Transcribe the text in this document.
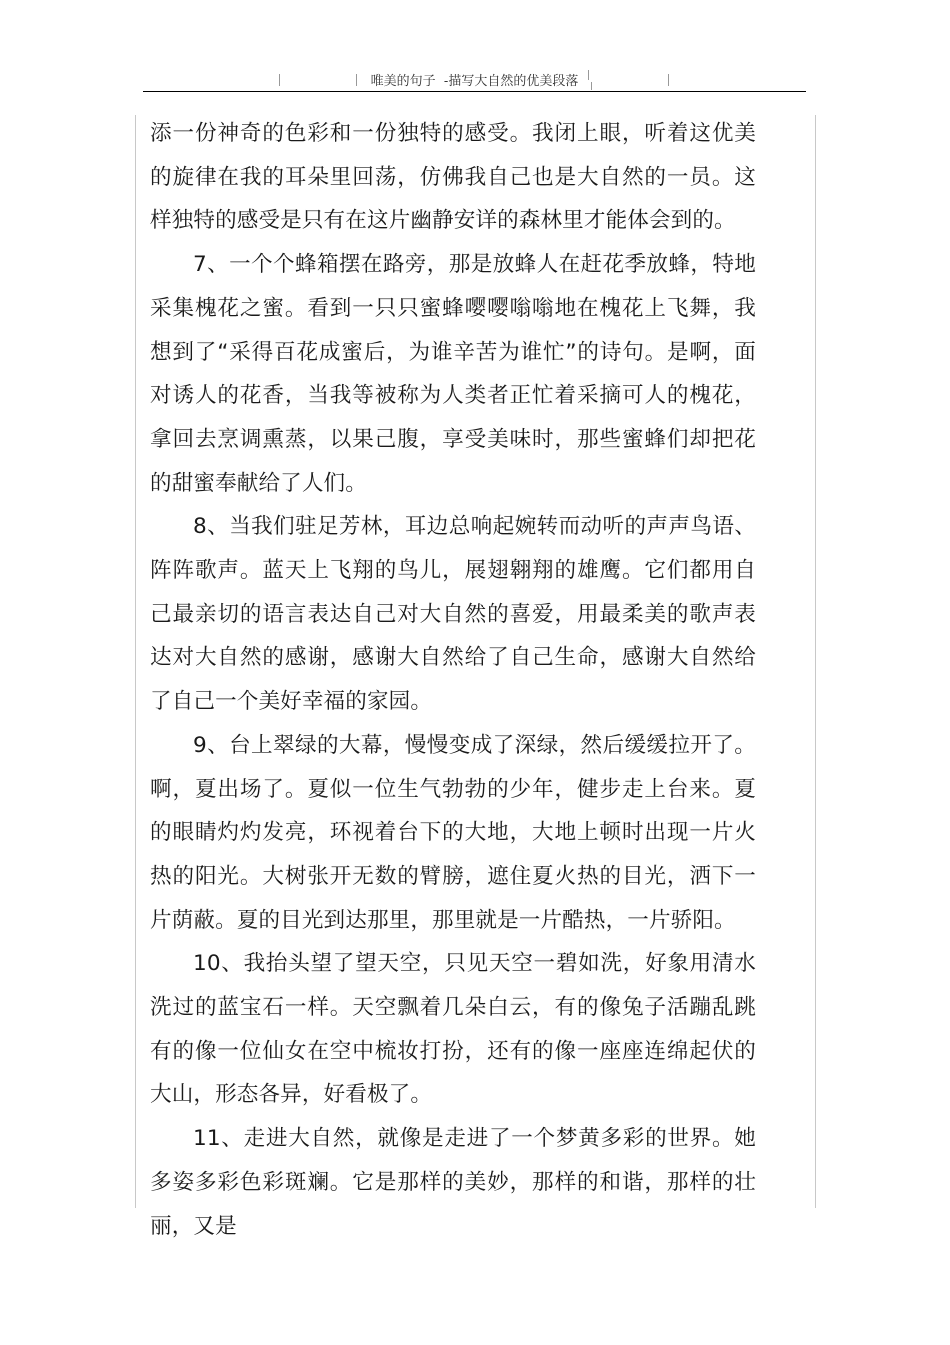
唯美的句子  -描写大自然的优美段落

添一份神奇的色彩和一份独特的感受。我闭上眼，听着这优美的旋律在我的耳朵里回荡，仿佛我自己也是大自然的一员。这样独特的感受是只有在这片幽静安详的森林里才能体会到的。

7、一个个蜂箱摆在路旁，那是放蜂人在赶花季放蜂，特地采集槐花之蜜。看到一只只蜜蜂嘤嘤嗡嗡地在槐花上飞舞，我想到了“采得百花成蜜后，为谁辛苦为谁忙”的诗句。是啊，面对诱人的花香，当我等被称为人类者正忙着采摘可人的槐花，拿回去烹调熏蒸，以果己腹，享受美味时，那些蜜蜂们却把花的甜蜜奉献给了人们。

8、当我们驻足芳林，耳边总响起婉转而动听的声声鸟语、阵阵歌声。蓝天上飞翔的鸟儿，展翅翱翔的雄鹰。它们都用自己最亲切的语言表达自己对大自然的喜爱，用最柔美的歌声表达对大自然的感谢，感谢大自然给了自己生命，感谢大自然给了自己一个美好幸福的家园。

9、台上翠绿的大幕，慢慢变成了深绿，然后缓缓拉开了。啊，夏出场了。夏似一位生气勃勃的少年，健步走上台来。夏的眼睛灼灼发亮，环视着台下的大地，大地上顿时出现一片火热的阳光。大树张开无数的臂膀，遮住夏火热的目光，洒下一片荫蔽。夏的目光到达那里，那里就是一片酷热，一片骄阳。

10、我抬头望了望天空，只见天空一碧如洗，好象用清水洗过的蓝宝石一样。天空飘着几朵白云，有的像兔子活蹦乱跳有的像一位仙女在空中梳妆打扮，还有的像一座座连绵起伏的大山，形态各异，好看极了。

11、走进大自然，就像是走进了一个梦黄多彩的世界。她多姿多彩色彩斑斓。它是那样的美妙，那样的和谐，那样的壮丽，又是
